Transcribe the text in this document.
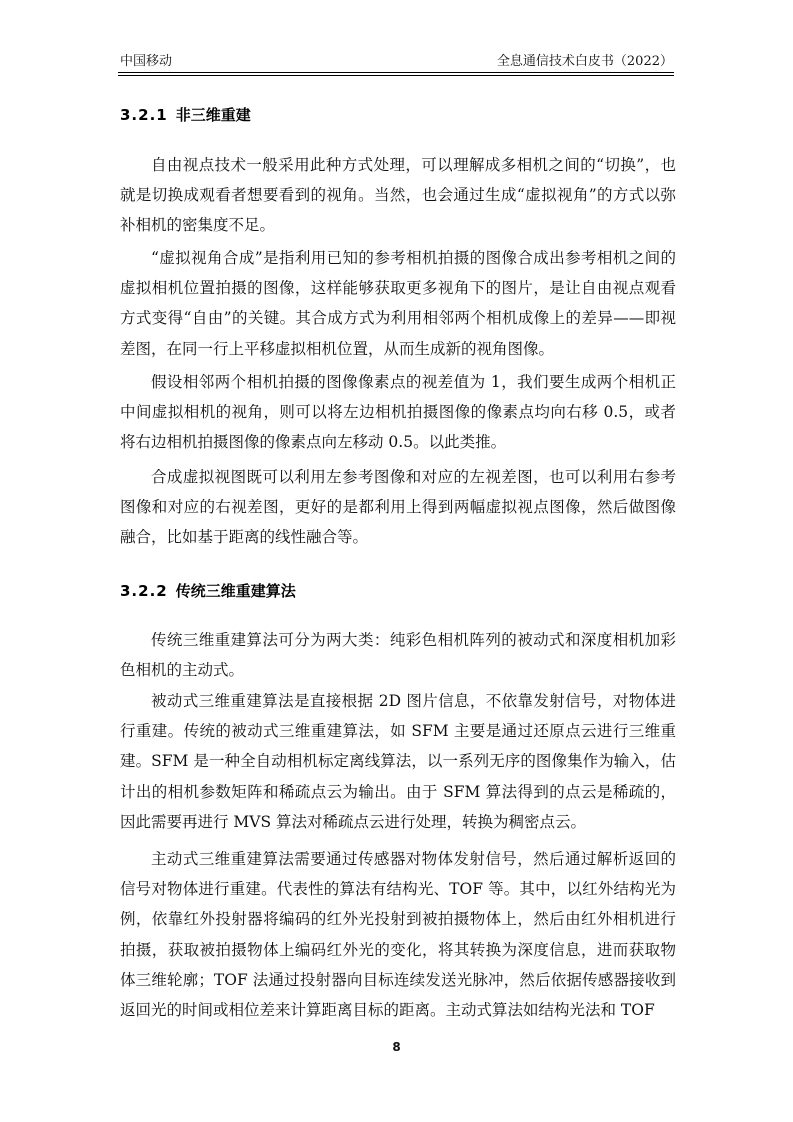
中国移动	全息通信技术白皮书（2022）
3.2.1 非三维重建

自由视点技术一般采用此种方式处理，可以理解成多相机之间的“切换”，也就是切换成观看者想要看到的视角。当然，也会通过生成“虚拟视角”的方式以弥补相机的密集度不足。

“虚拟视角合成”是指利用已知的参考相机拍摄的图像合成出参考相机之间的虚拟相机位置拍摄的图像，这样能够获取更多视角下的图片，是让自由视点观看方式变得“自由”的关键。其合成方式为利用相邻两个相机成像上的差异——即视差图，在同一行上平移虚拟相机位置，从而生成新的视角图像。

假设相邻两个相机拍摄的图像像素点的视差值为 1，我们要生成两个相机正中间虚拟相机的视角，则可以将左边相机拍摄图像的像素点均向右移 0.5，或者将右边相机拍摄图像的像素点向左移动 0.5。以此类推。

合成虚拟视图既可以利用左参考图像和对应的左视差图，也可以利用右参考图像和对应的右视差图，更好的是都利用上得到两幅虚拟视点图像，然后做图像融合，比如基于距离的线性融合等。

3.2.2 传统三维重建算法

传统三维重建算法可分为两大类：纯彩色相机阵列的被动式和深度相机加彩色相机的主动式。

被动式三维重建算法是直接根据 2D 图片信息，不依靠发射信号，对物体进行重建。传统的被动式三维重建算法，如 SFM 主要是通过还原点云进行三维重建。SFM 是一种全自动相机标定离线算法，以一系列无序的图像集作为输入，估计出的相机参数矩阵和稀疏点云为输出。由于 SFM 算法得到的点云是稀疏的，因此需要再进行 MVS 算法对稀疏点云进行处理，转换为稠密点云。

主动式三维重建算法需要通过传感器对物体发射信号，然后通过解析返回的信号对物体进行重建。代表性的算法有结构光、TOF 等。其中，以红外结构光为例，依靠红外投射器将编码的红外光投射到被拍摄物体上，然后由红外相机进行拍摄，获取被拍摄物体上编码红外光的变化，将其转换为深度信息，进而获取物体三维轮廓；TOF 法通过投射器向目标连续发送光脉冲，然后依据传感器接收到返回光的时间或相位差来计算距离目标的距离。主动式算法如结构光法和 TOF

8
